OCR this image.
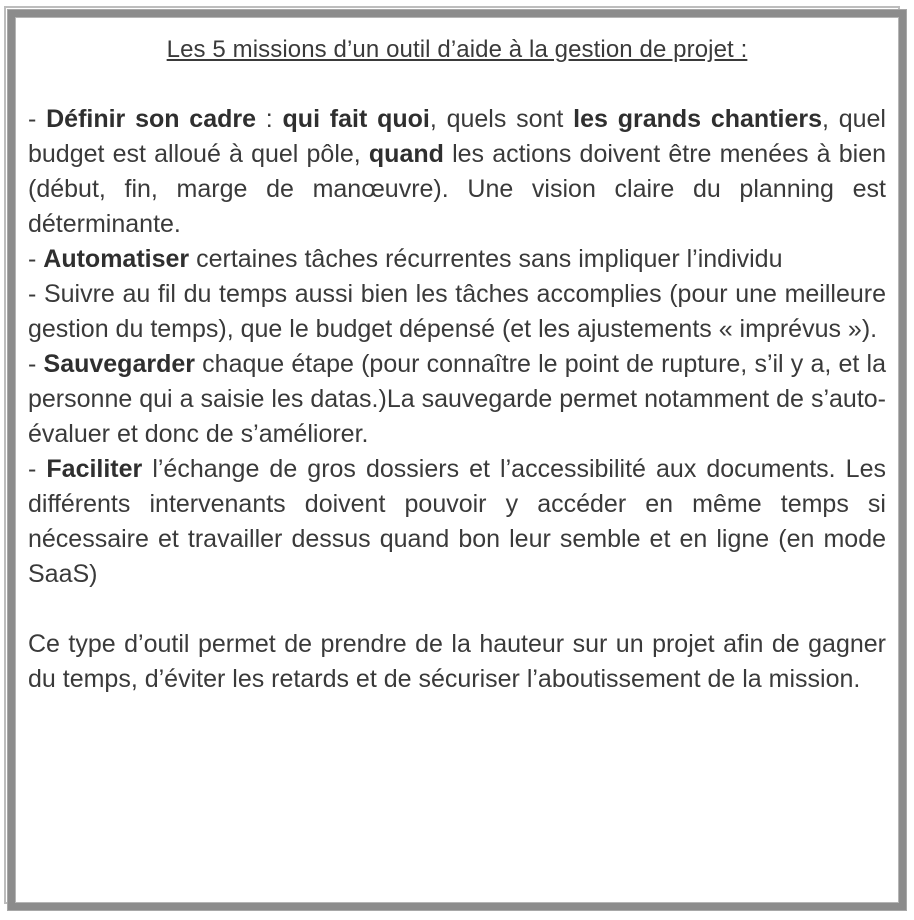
Les 5 missions d’un outil d’aide à la gestion de projet :

- Définir son cadre : qui fait quoi, quels sont les grands chantiers, quel budget est alloué à quel pôle, quand les actions doivent être menées à bien (début, fin, marge de manœuvre). Une vision claire du planning est déterminante.

- Automatiser certaines tâches récurrentes sans impliquer l’individu

- Suivre au fil du temps aussi bien les tâches accomplies (pour une meilleure gestion du temps), que le budget dépensé (et les ajustements « imprévus »).

- Sauvegarder chaque étape (pour connaître le point de rupture, s’il y a, et la personne qui a saisie les datas.)La sauvegarde permet notamment de s’auto-évaluer et donc de s’améliorer.

- Faciliter l’échange de gros dossiers et l’accessibilité aux documents. Les différents intervenants doivent pouvoir y accéder en même temps si nécessaire et travailler dessus quand bon leur semble et en ligne (en mode SaaS)

Ce type d’outil permet de prendre de la hauteur sur un projet afin de gagner du temps, d’éviter les retards et de sécuriser l’aboutissement de la mission.
